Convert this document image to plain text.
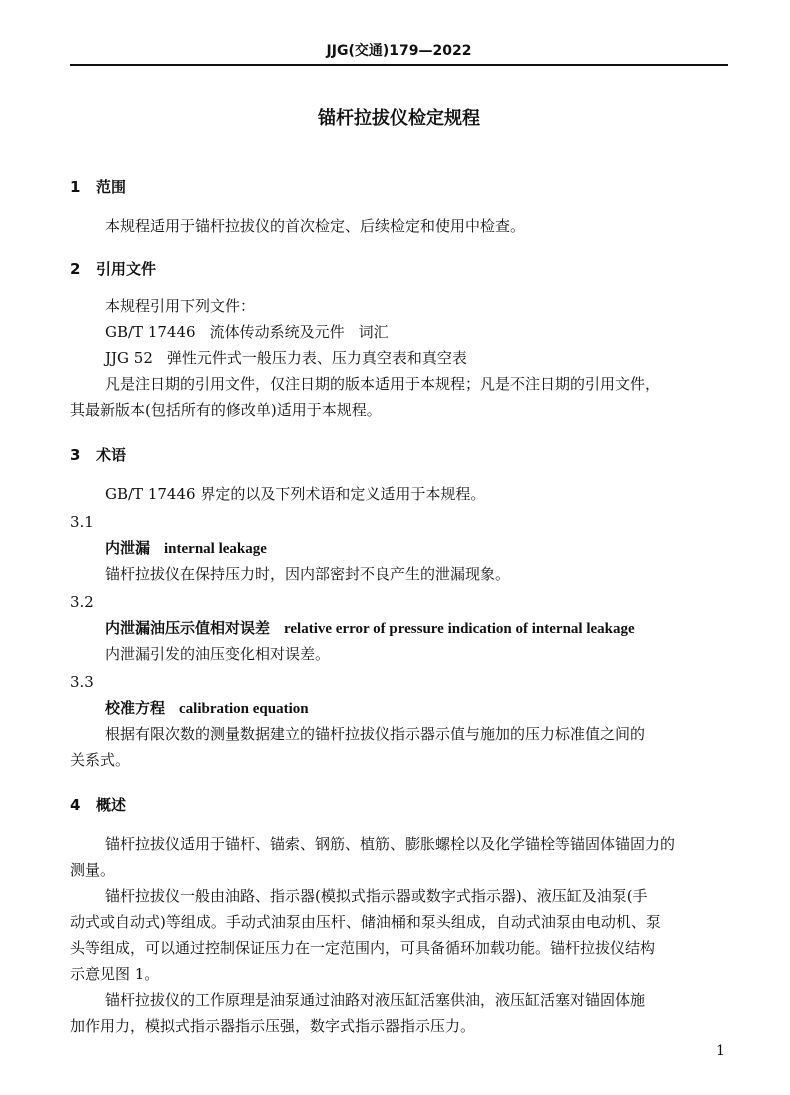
JJG(交通)179—2022
锚杆拉拔仪检定规程
1 范围
本规程适用于锚杆拉拔仪的首次检定、后续检定和使用中检查。
2 引用文件
本规程引用下列文件：
GB/T 17446 流体传动系统及元件 词汇
JJG 52 弹性元件式一般压力表、压力真空表和真空表
凡是注日期的引用文件，仅注日期的版本适用于本规程；凡是不注日期的引用文件，
其最新版本(包括所有的修改单)适用于本规程。
3 术语
GB/T 17446 界定的以及下列术语和定义适用于本规程。
3.1
内泄漏 internal leakage
锚杆拉拔仪在保持压力时，因内部密封不良产生的泄漏现象。
3.2
内泄漏油压示值相对误差 relative error of pressure indication of internal leakage
内泄漏引发的油压变化相对误差。
3.3
校准方程 calibration equation
根据有限次数的测量数据建立的锚杆拉拔仪指示器示值与施加的压力标准值之间的
关系式。
4 概述
锚杆拉拔仪适用于锚杆、锚索、钢筋、植筋、膨胀螺栓以及化学锚栓等锚固体锚固力的
测量。
锚杆拉拔仪一般由油路、指示器(模拟式指示器或数字式指示器)、液压缸及油泵(手
动式或自动式)等组成。手动式油泵由压杆、储油桶和泵头组成，自动式油泵由电动机、泵
头等组成，可以通过控制保证压力在一定范围内，可具备循环加载功能。锚杆拉拔仪结构
示意见图 1。
锚杆拉拔仪的工作原理是油泵通过油路对液压缸活塞供油，液压缸活塞对锚固体施
加作用力，模拟式指示器指示压强，数字式指示器指示压力。
1
